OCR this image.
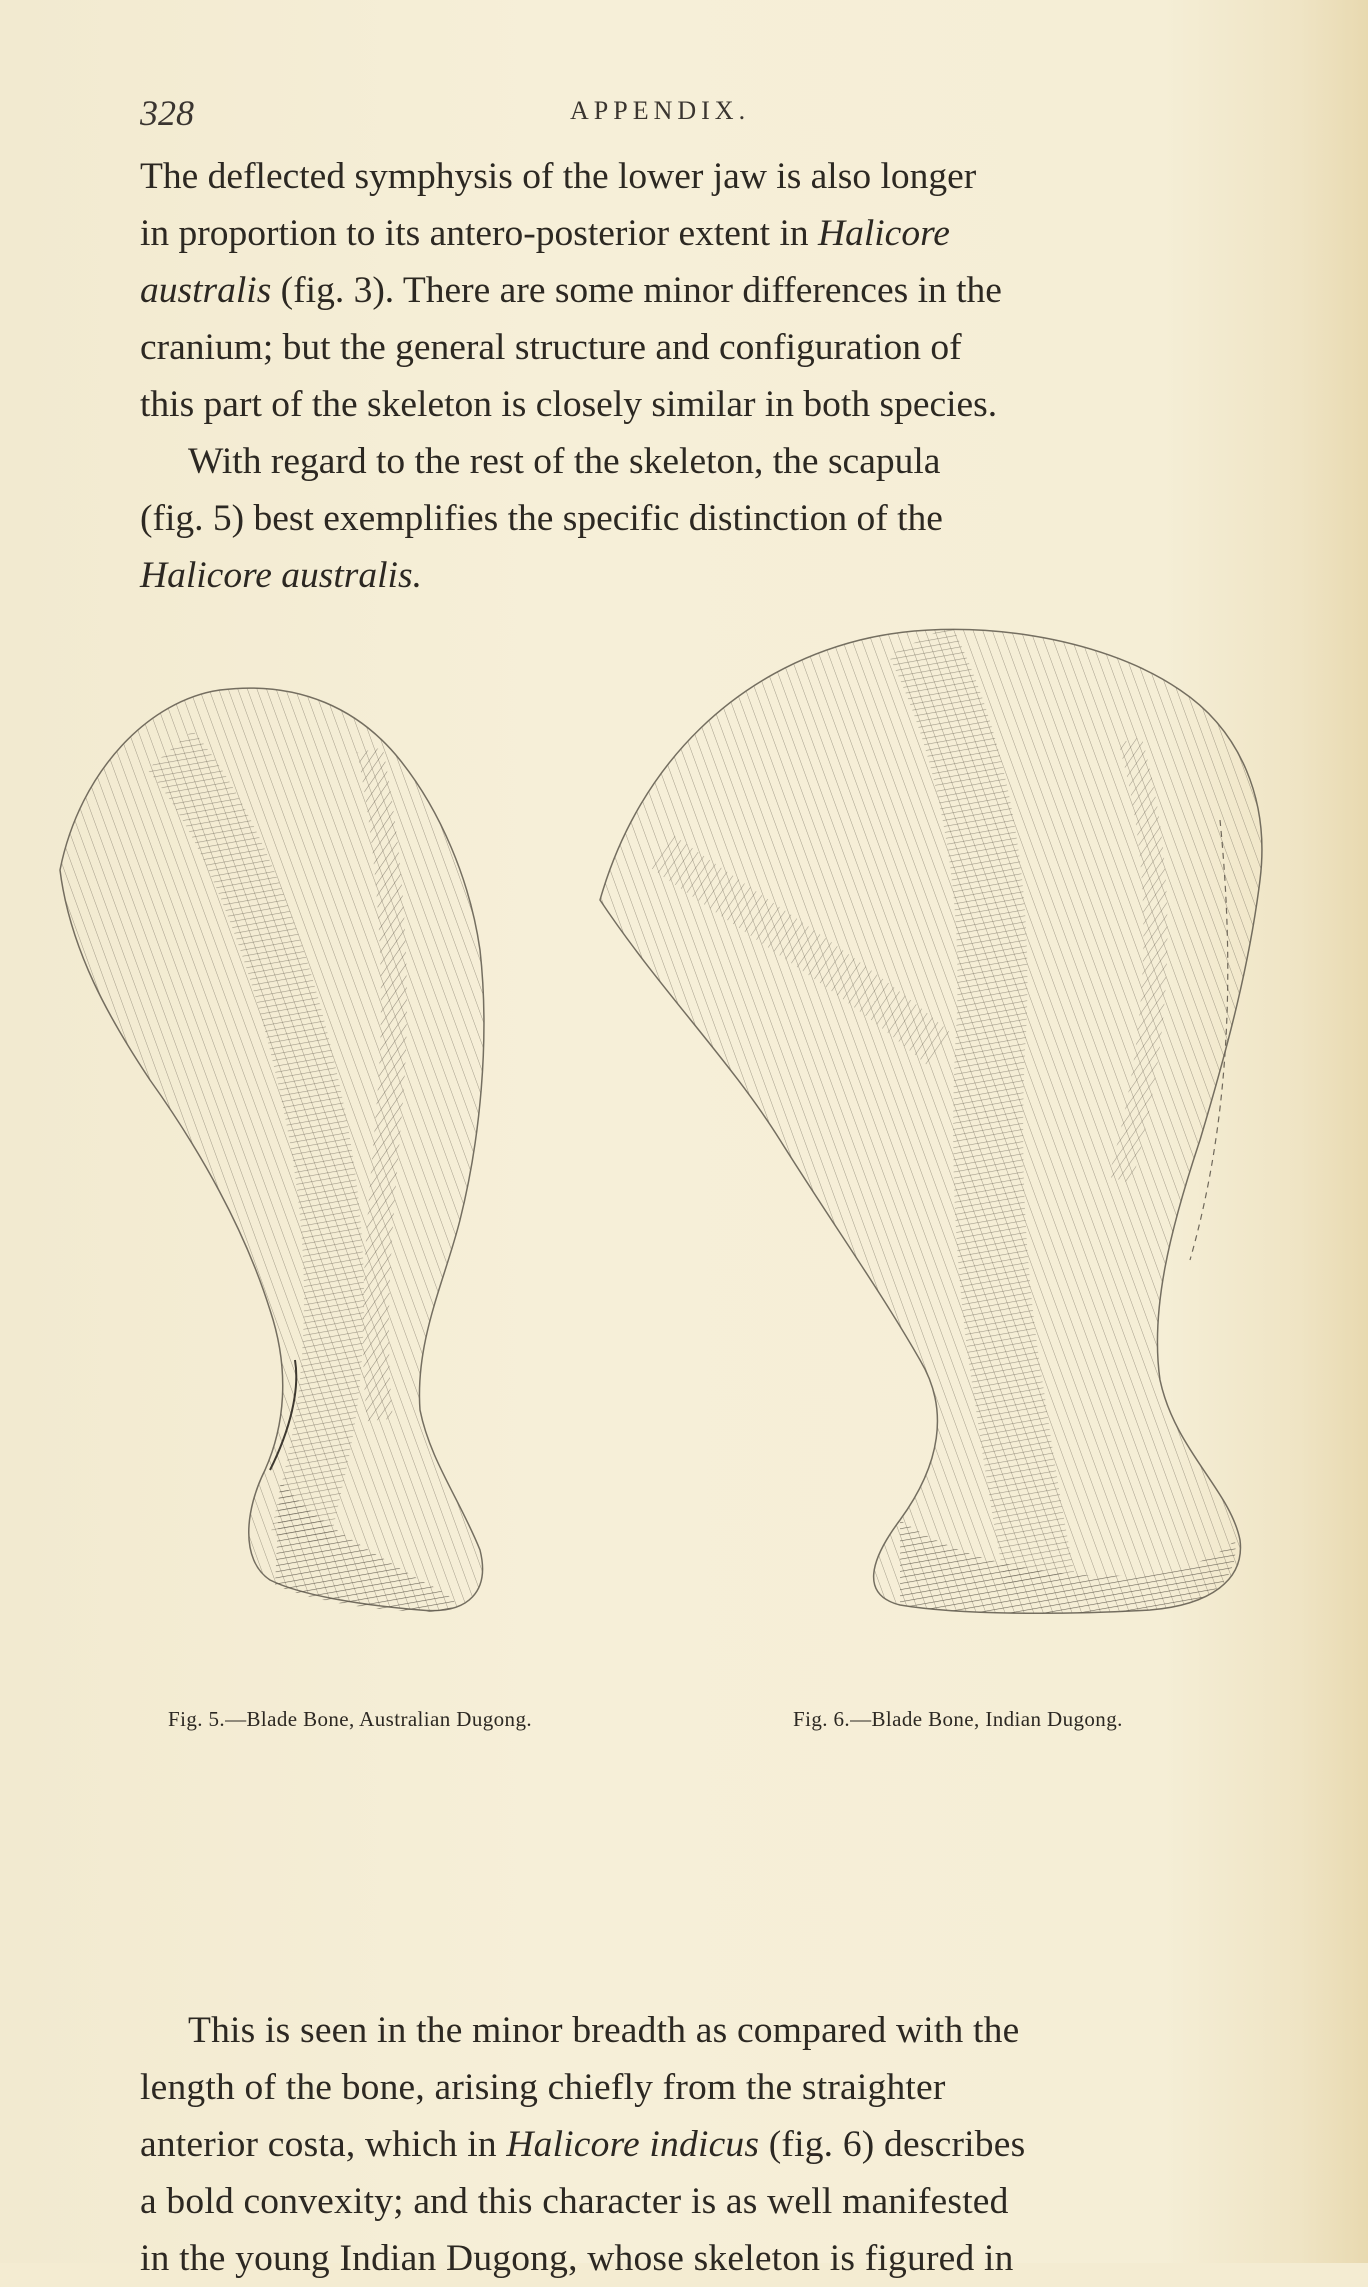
328	APPENDIX.
The deflected symphysis of the lower jaw is also longer
in proportion to its antero-posterior extent in Halicore
australis (fig. 3). There are some minor differences in the
cranium; but the general structure and configuration of
this part of the skeleton is closely similar in both species.
With regard to the rest of the skeleton, the scapula
(fig. 5) best exemplifies the specific distinction of the
Halicore australis.
Fig. 5.—Blade Bone, Australian Dugong.	Fig. 6.—Blade Bone, Indian Dugong.
This is seen in the minor breadth as compared with the
length of the bone, arising chiefly from the straighter
anterior costa, which in Halicore indicus (fig. 6) describes
a bold convexity; and this character is as well manifested
in the young Indian Dugong, whose skeleton is figured in
